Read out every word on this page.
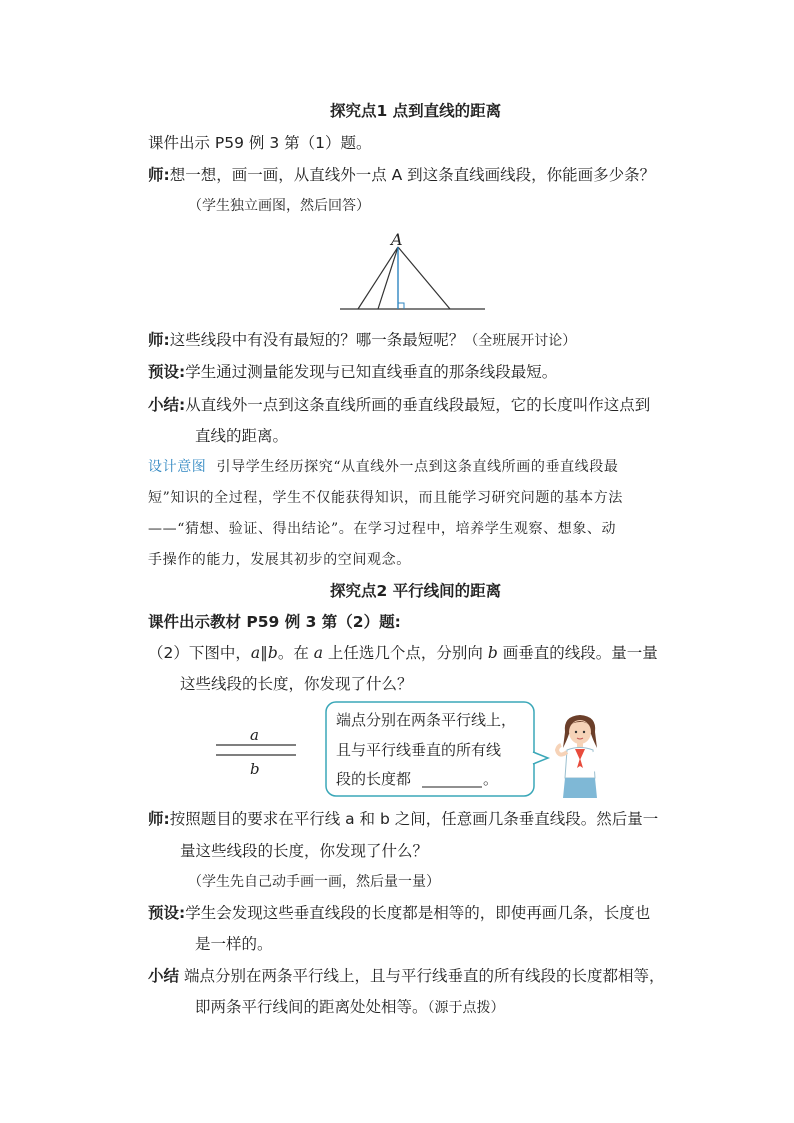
探究点1 点到直线的距离
课件出示 P59 例 3 第（1）题。
师:想一想，画一画，从直线外一点 A 到这条直线画线段，你能画多少条？
（学生独立画图，然后回答）
A
师:这些线段中有没有最短的？哪一条最短呢？（全班展开讨论）
预设:学生通过测量能发现与已知直线垂直的那条线段最短。
小结:从直线外一点到这条直线所画的垂直线段最短，它的长度叫作这点到
直线的距离。
设计意图 引导学生经历探究“从直线外一点到这条直线所画的垂直线段最
短”知识的全过程，学生不仅能获得知识，而且能学习研究问题的基本方法
——“猜想、验证、得出结论”。在学习过程中，培养学生观察、想象、动
手操作的能力，发展其初步的空间观念。
探究点2 平行线间的距离
课件出示教材 P59 例 3 第（2）题:
（2）下图中，a∥b。在 a 上任选几个点，分别向 b 画垂直的线段。量一量
这些线段的长度，你发现了什么？
a
b
端点分别在两条平行线上，
且与平行线垂直的所有线
段的长度都	。
师:按照题目的要求在平行线 a 和 b 之间，任意画几条垂直线段。然后量一
量这些线段的长度，你发现了什么？
（学生先自己动手画一画，然后量一量）
预设:学生会发现这些垂直线段的长度都是相等的，即使再画几条，长度也
是一样的。
小结 端点分别在两条平行线上，且与平行线垂直的所有线段的长度都相等，
即两条平行线间的距离处处相等。（源于点拨）
